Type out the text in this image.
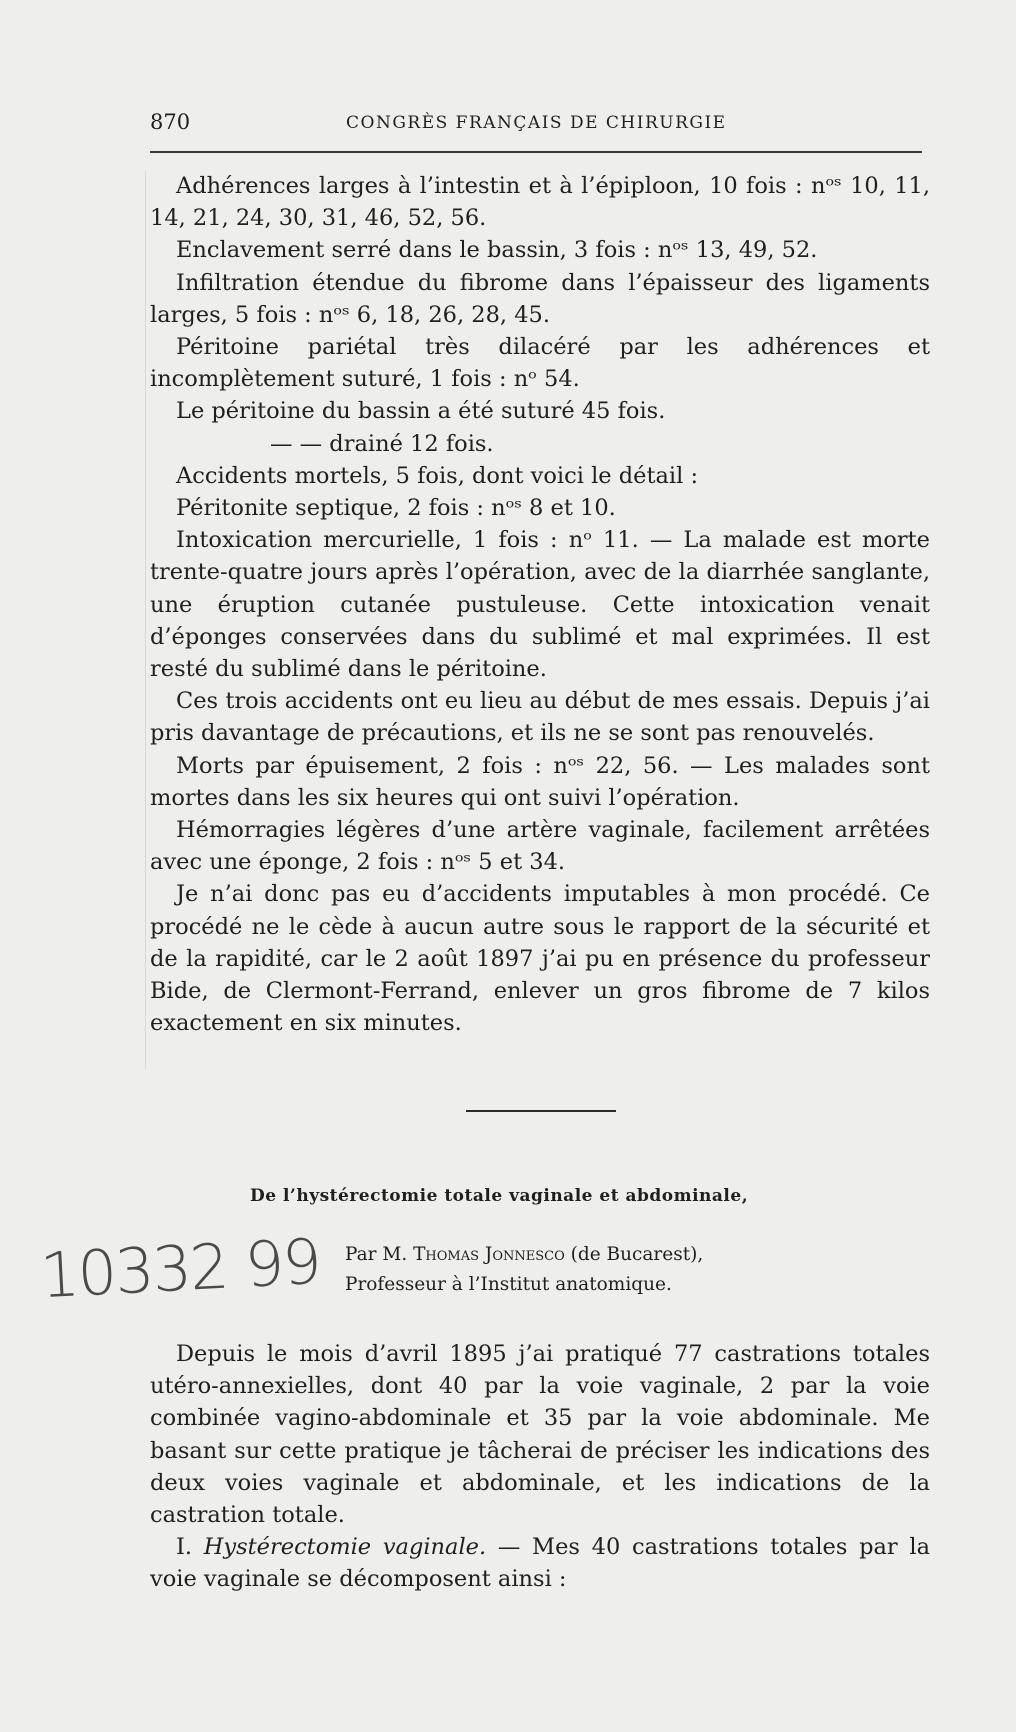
870	CONGRÈS FRANÇAIS DE CHIRURGIE

Adhérences larges à l’intestin et à l’épiploon, 10 fois : nᵒˢ 10, 11, 14, 21, 24, 30, 31, 46, 52, 56.

Enclavement serré dans le bassin, 3 fois : nᵒˢ 13, 49, 52.

Infiltration étendue du fibrome dans l’épaisseur des ligaments larges, 5 fois : nᵒˢ 6, 18, 26, 28, 45.

Péritoine pariétal très dilacéré par les adhérences et incomplètement suturé, 1 fois : nᵒ 54.

Le péritoine du bassin a été suturé 45 fois.

— — drainé 12 fois.

Accidents mortels, 5 fois, dont voici le détail :

Péritonite septique, 2 fois : nᵒˢ 8 et 10.

Intoxication mercurielle, 1 fois : nᵒ 11. — La malade est morte trente-quatre jours après l’opération, avec de la diarrhée sanglante, une éruption cutanée pustuleuse. Cette intoxication venait d’éponges conservées dans du sublimé et mal exprimées. Il est resté du sublimé dans le péritoine.

Ces trois accidents ont eu lieu au début de mes essais. Depuis j’ai pris davantage de précautions, et ils ne se sont pas renouvelés.

Morts par épuisement, 2 fois : nᵒˢ 22, 56. — Les malades sont mortes dans les six heures qui ont suivi l’opération.

Hémorragies légères d’une artère vaginale, facilement arrêtées avec une éponge, 2 fois : nᵒˢ 5 et 34.

Je n’ai donc pas eu d’accidents imputables à mon procédé. Ce procédé ne le cède à aucun autre sous le rapport de la sécurité et de la rapidité, car le 2 août 1897 j’ai pu en présence du professeur Bide, de Clermont-Ferrand, enlever un gros fibrome de 7 kilos exactement en six minutes.

De l’hystérectomie totale vaginale et abdominale,
10332 99 Par M. Thomas Jonnesco (de Bucarest),
Professeur à l’Institut anatomique.

Depuis le mois d’avril 1895 j’ai pratiqué 77 castrations totales utéro-annexielles, dont 40 par la voie vaginale, 2 par la voie combinée vagino-abdominale et 35 par la voie abdominale. Me basant sur cette pratique je tâcherai de préciser les indications des deux voies vaginale et abdominale, et les indications de la castration totale.

I. Hystérectomie vaginale. — Mes 40 castrations totales par la voie vaginale se décomposent ainsi :
